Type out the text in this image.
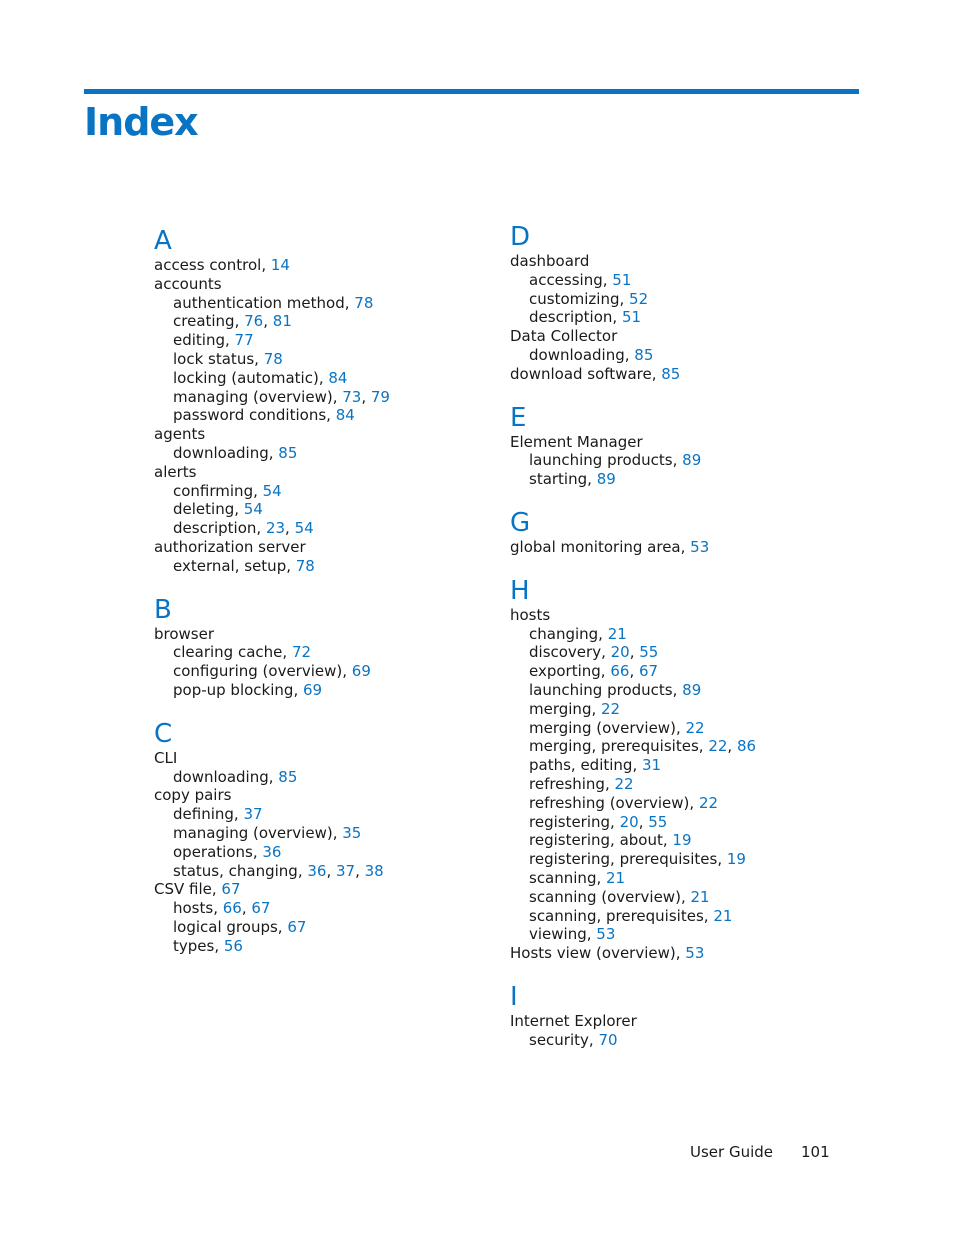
Index
A
access control, 14
accounts
authentication method, 78
creating, 76, 81
editing, 77
lock status, 78
locking (automatic), 84
managing (overview), 73, 79
password conditions, 84
agents
downloading, 85
alerts
confirming, 54
deleting, 54
description, 23, 54
authorization server
external, setup, 78
B
browser
clearing cache, 72
configuring (overview), 69
pop-up blocking, 69
C
CLI
downloading, 85
copy pairs
defining, 37
managing (overview), 35
operations, 36
status, changing, 36, 37, 38
CSV file, 67
hosts, 66, 67
logical groups, 67
types, 56
D
dashboard
accessing, 51
customizing, 52
description, 51
Data Collector
downloading, 85
download software, 85
E
Element Manager
launching products, 89
starting, 89
G
global monitoring area, 53
H
hosts
changing, 21
discovery, 20, 55
exporting, 66, 67
launching products, 89
merging, 22
merging (overview), 22
merging, prerequisites, 22, 86
paths, editing, 31
refreshing, 22
refreshing (overview), 22
registering, 20, 55
registering, about, 19
registering, prerequisites, 19
scanning, 21
scanning (overview), 21
scanning, prerequisites, 21
viewing, 53
Hosts view (overview), 53
I
Internet Explorer
security, 70
User Guide 101
